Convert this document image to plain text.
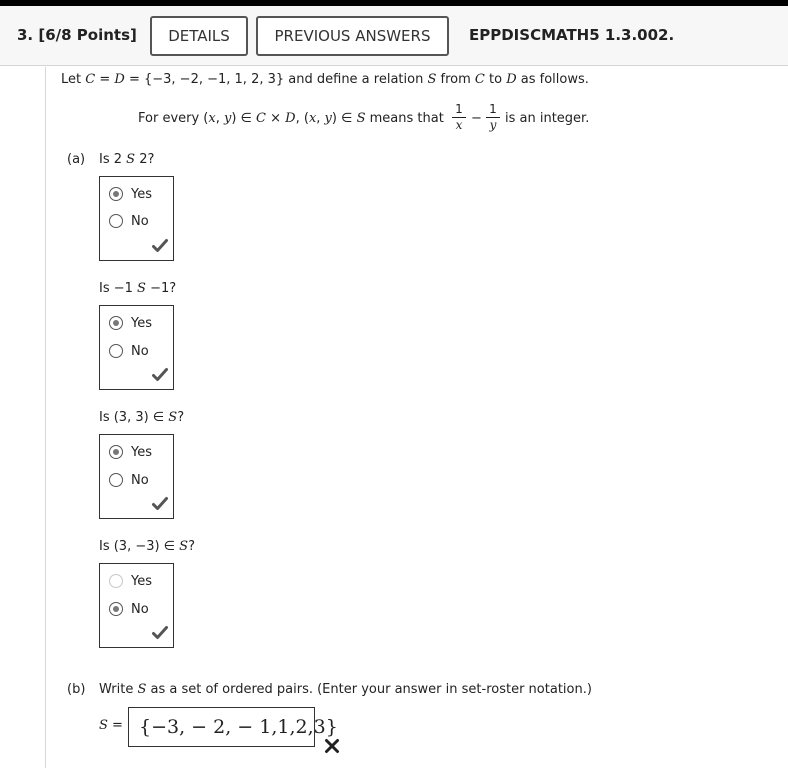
3. [6/8 Points]	DETAILS	PREVIOUS ANSWERS	EPPDISCMATH5 1.3.002.
Let C = D = {−3, −2, −1, 1, 2, 3} and define a relation S from C to D as follows.
For every (x, y) ∈ C × D, (x, y) ∈ S means that $\frac{1}{x} - \frac{1}{y}$ is an integer.
(a) Is 2 S 2?
Yes
No
Is −1 S −1?
Yes
No
Is (3, 3) ∈ S?
Yes
No
Is (3, −3) ∈ S?
Yes
No
(b) Write S as a set of ordered pairs. (Enter your answer in set-roster notation.)
S = {−3, − 2, − 1,1,2,3}
